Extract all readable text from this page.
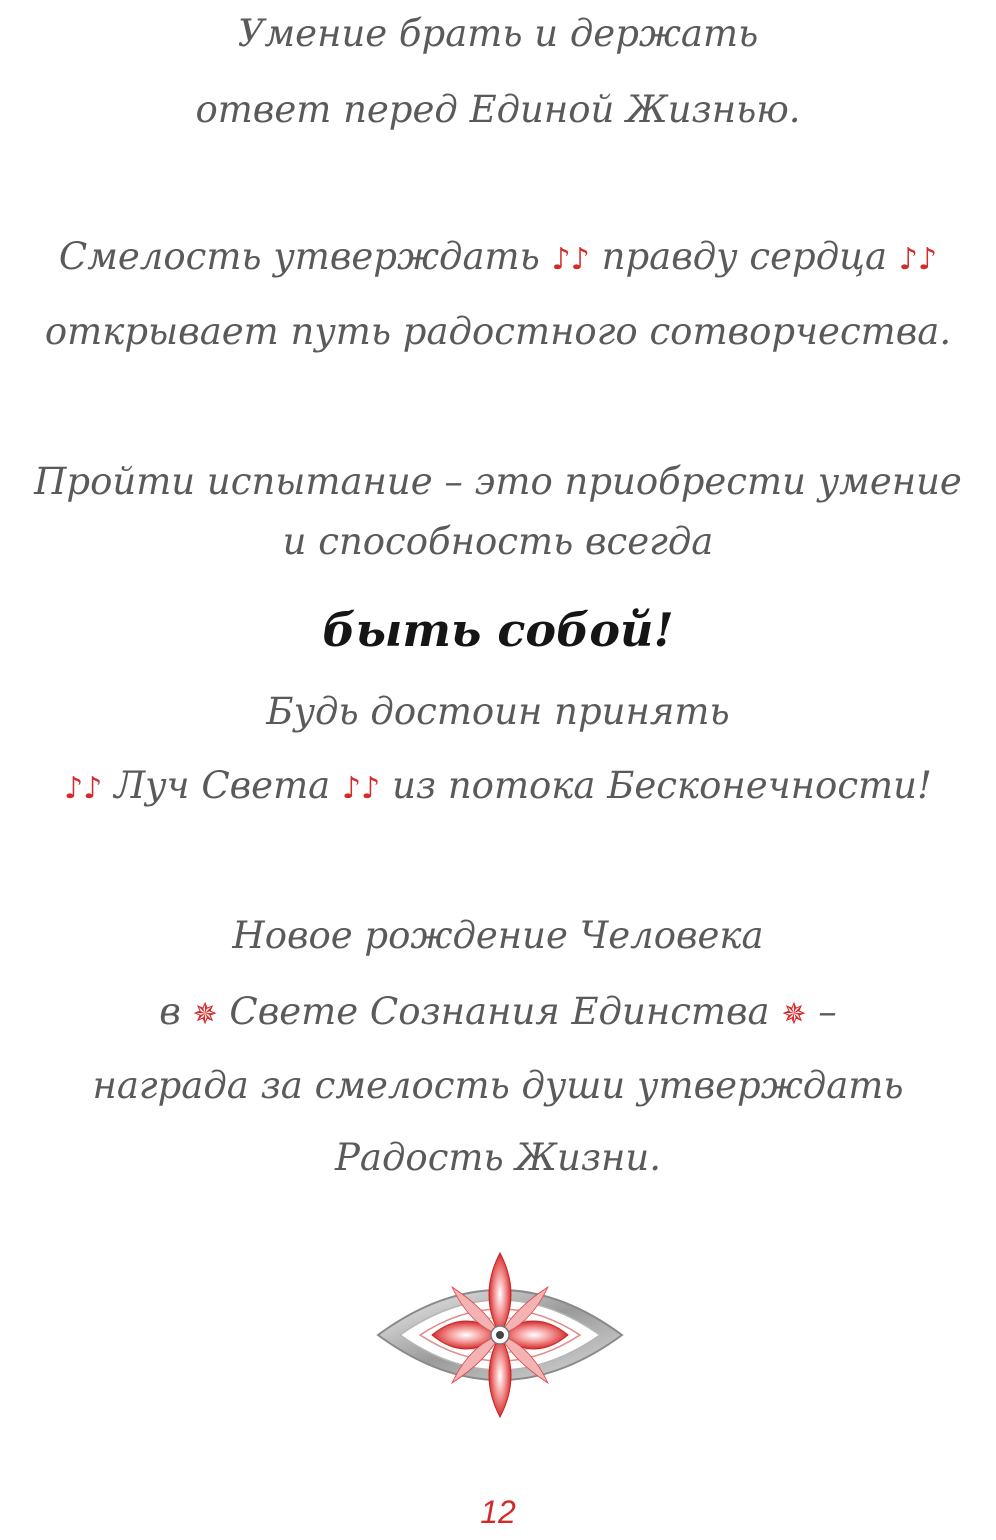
Умение брать и держать
ответ перед Единой Жизнью.
Смелость утверждать ♪♪ правду сердца ♪♪
открывает путь радостного сотворчества.
Пройти испытание – это приобрести умение
и способность всегда
быть собой!
Будь достоин принять
♪♪ Луч Света ♪♪ из потока Бесконечности!
Новое рождение Человека
в ✵ Свете Сознания Единства ✵ –
награда за смелость души утверждать
Радость Жизни.
12
